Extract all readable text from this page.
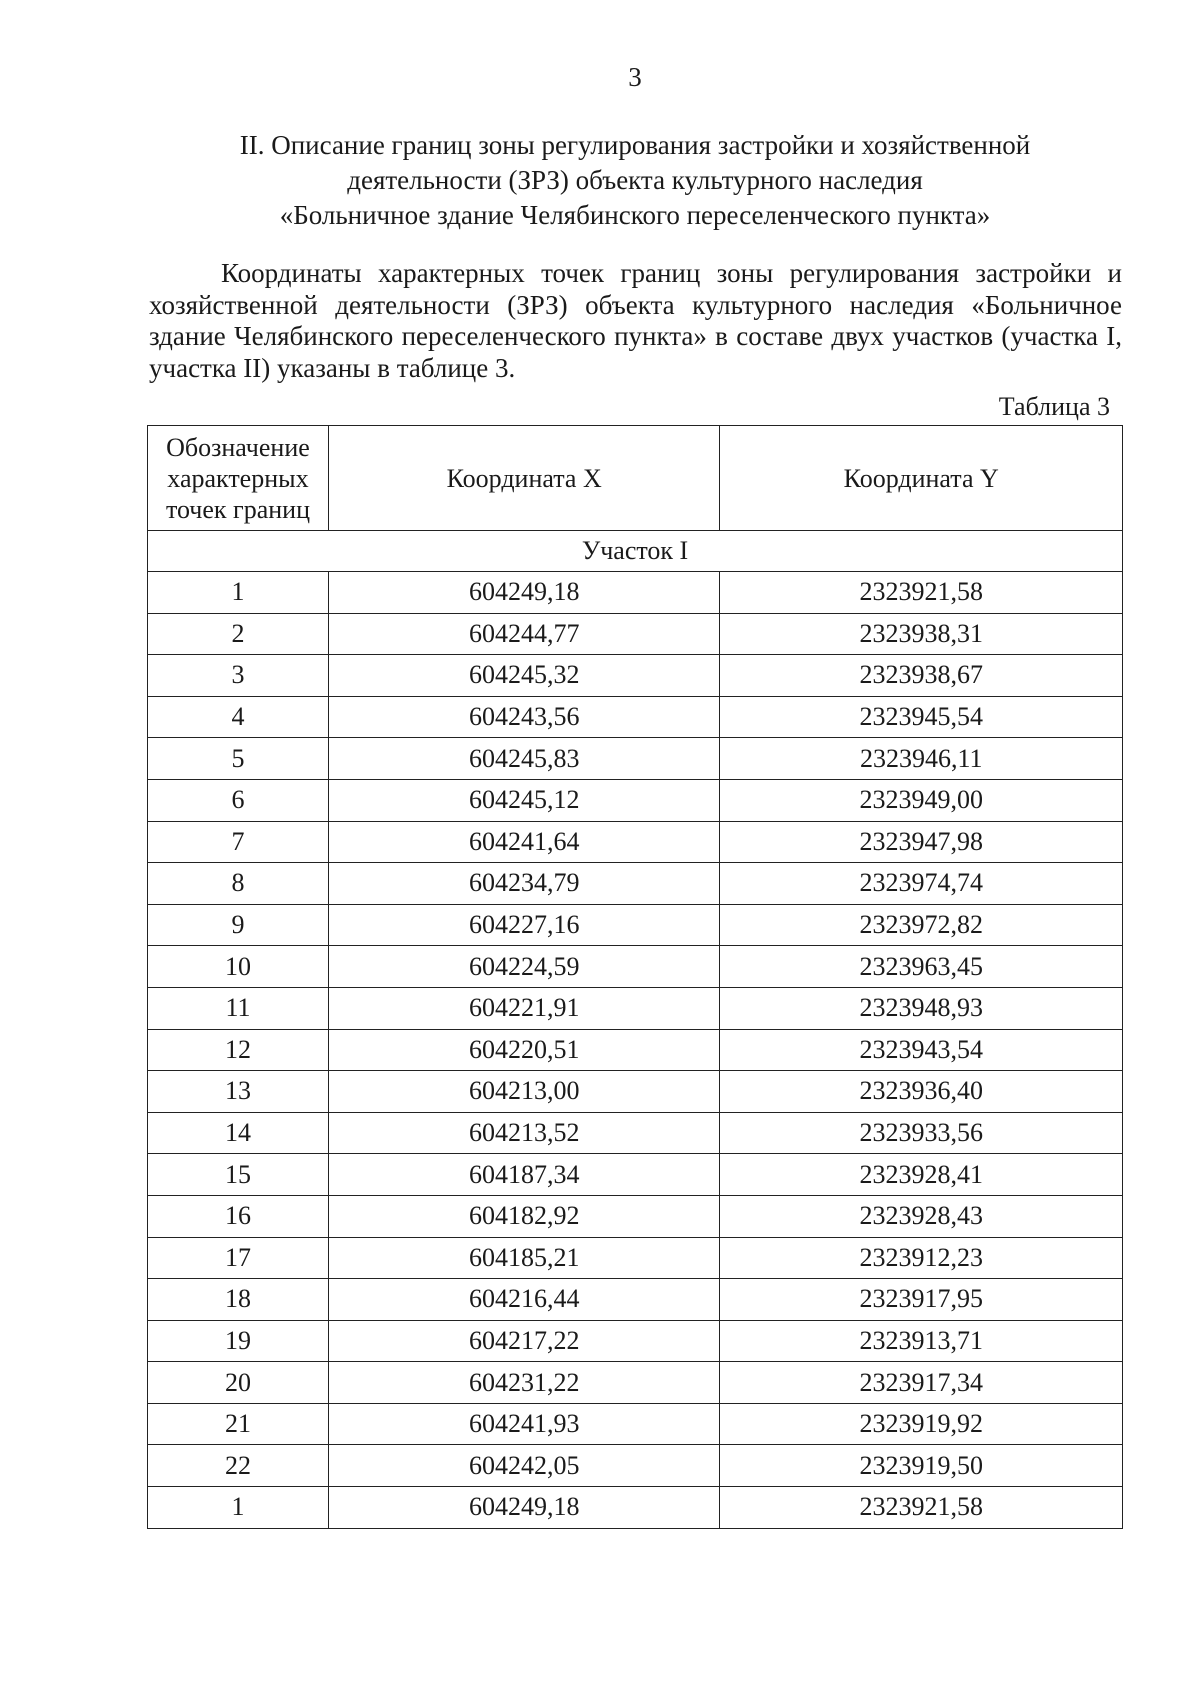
3
II. Описание границ зоны регулирования застройки и хозяйственной
деятельности (ЗРЗ) объекта культурного наследия
«Больничное здание Челябинского переселенческого пункта»

Координаты характерных точек границ зоны регулирования застройки и хозяйственной деятельности (ЗРЗ) объекта культурного наследия «Больничное здание Челябинского переселенческого пункта» в составе двух участков (участка I, участка II) указаны в таблице 3.

Таблица 3
Обозначение
характерных
точек границ	Координата X	Координата Y
Участок I		
1	604249,18	2323921,58
2	604244,77	2323938,31
3	604245,32	2323938,67
4	604243,56	2323945,54
5	604245,83	2323946,11
6	604245,12	2323949,00
7	604241,64	2323947,98
8	604234,79	2323974,74
9	604227,16	2323972,82
10	604224,59	2323963,45
11	604221,91	2323948,93
12	604220,51	2323943,54
13	604213,00	2323936,40
14	604213,52	2323933,56
15	604187,34	2323928,41
16	604182,92	2323928,43
17	604185,21	2323912,23
18	604216,44	2323917,95
19	604217,22	2323913,71
20	604231,22	2323917,34
21	604241,93	2323919,92
22	604242,05	2323919,50
1	604249,18	2323921,58
